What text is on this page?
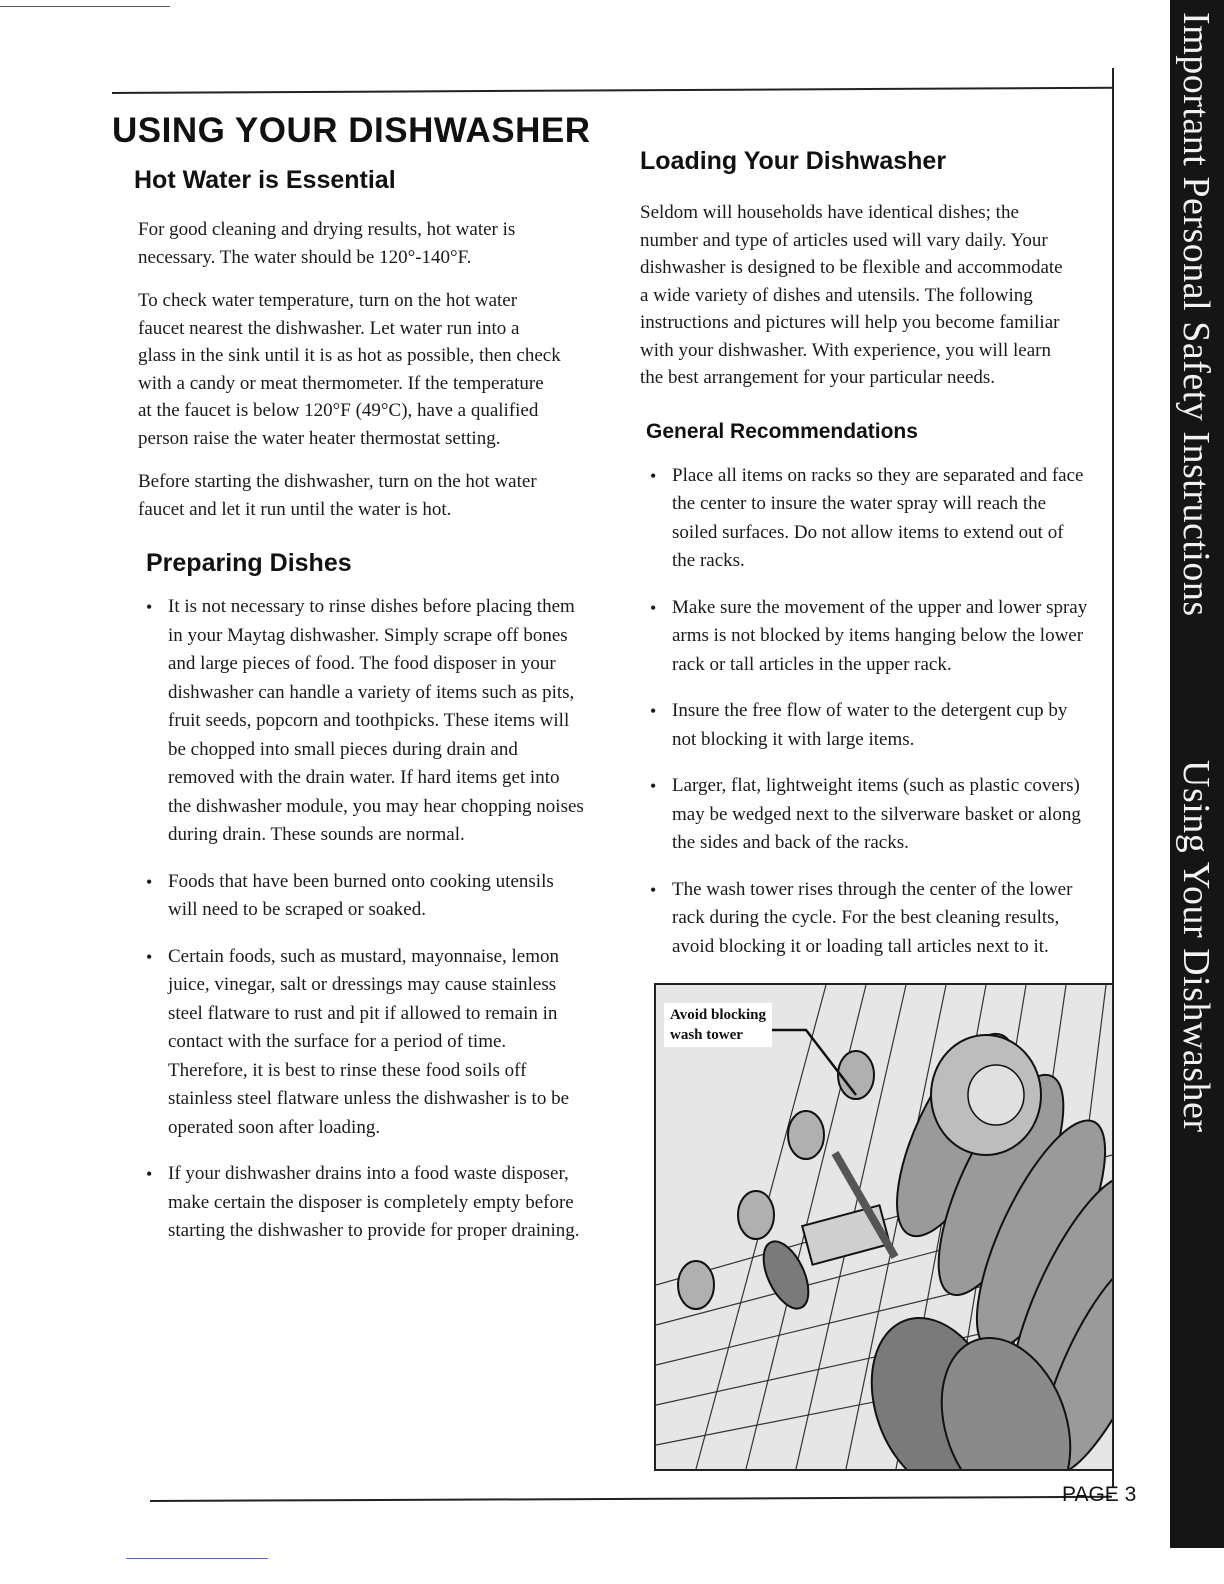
Important Personal Safety Instructions
Using Your Dishwasher
USING YOUR DISHWASHER
Hot Water is Essential

For good cleaning and drying results, hot water is necessary. The water should be 120°-140°F.

To check water temperature, turn on the hot water faucet nearest the dishwasher. Let water run into a glass in the sink until it is as hot as possible, then check with a candy or meat thermometer. If the temperature at the faucet is below 120°F (49°C), have a qualified person raise the water heater thermostat setting.

Before starting the dishwasher, turn on the hot water faucet and let it run until the water is hot.

Preparing Dishes
• It is not necessary to rinse dishes before placing them in your Maytag dishwasher. Simply scrape off bones and large pieces of food. The food disposer in your dishwasher can handle a variety of items such as pits, fruit seeds, popcorn and toothpicks. These items will be chopped into small pieces during drain and removed with the drain water. If hard items get into the dishwasher module, you may hear chopping noises during drain. These sounds are normal.
• Foods that have been burned onto cooking utensils will need to be scraped or soaked.
• Certain foods, such as mustard, mayonnaise, lemon juice, vinegar, salt or dressings may cause stainless steel flatware to rust and pit if allowed to remain in contact with the surface for a period of time. Therefore, it is best to rinse these food soils off stainless steel flatware unless the dishwasher is to be operated soon after loading.
• If your dishwasher drains into a food waste disposer, make certain the disposer is completely empty before starting the dishwasher to provide for proper draining.
Loading Your Dishwasher

Seldom will households have identical dishes; the number and type of articles used will vary daily. Your dishwasher is designed to be flexible and accommodate a wide variety of dishes and utensils. The following instructions and pictures will help you become familiar with your dishwasher. With experience, you will learn the best arrangement for your particular needs.

General Recommendations
• Place all items on racks so they are separated and face the center to insure the water spray will reach the soiled surfaces. Do not allow items to extend out of the racks.
• Make sure the movement of the upper and lower spray arms is not blocked by items hanging below the lower rack or tall articles in the upper rack.
• Insure the free flow of water to the detergent cup by not blocking it with large items.
• Larger, flat, lightweight items (such as plastic covers) may be wedged next to the silverware basket or along the sides and back of the racks.
• The wash tower rises through the center of the lower rack during the cycle. For the best cleaning results, avoid blocking it or loading tall articles next to it.
Avoid blocking
wash tower
PAGE 3
